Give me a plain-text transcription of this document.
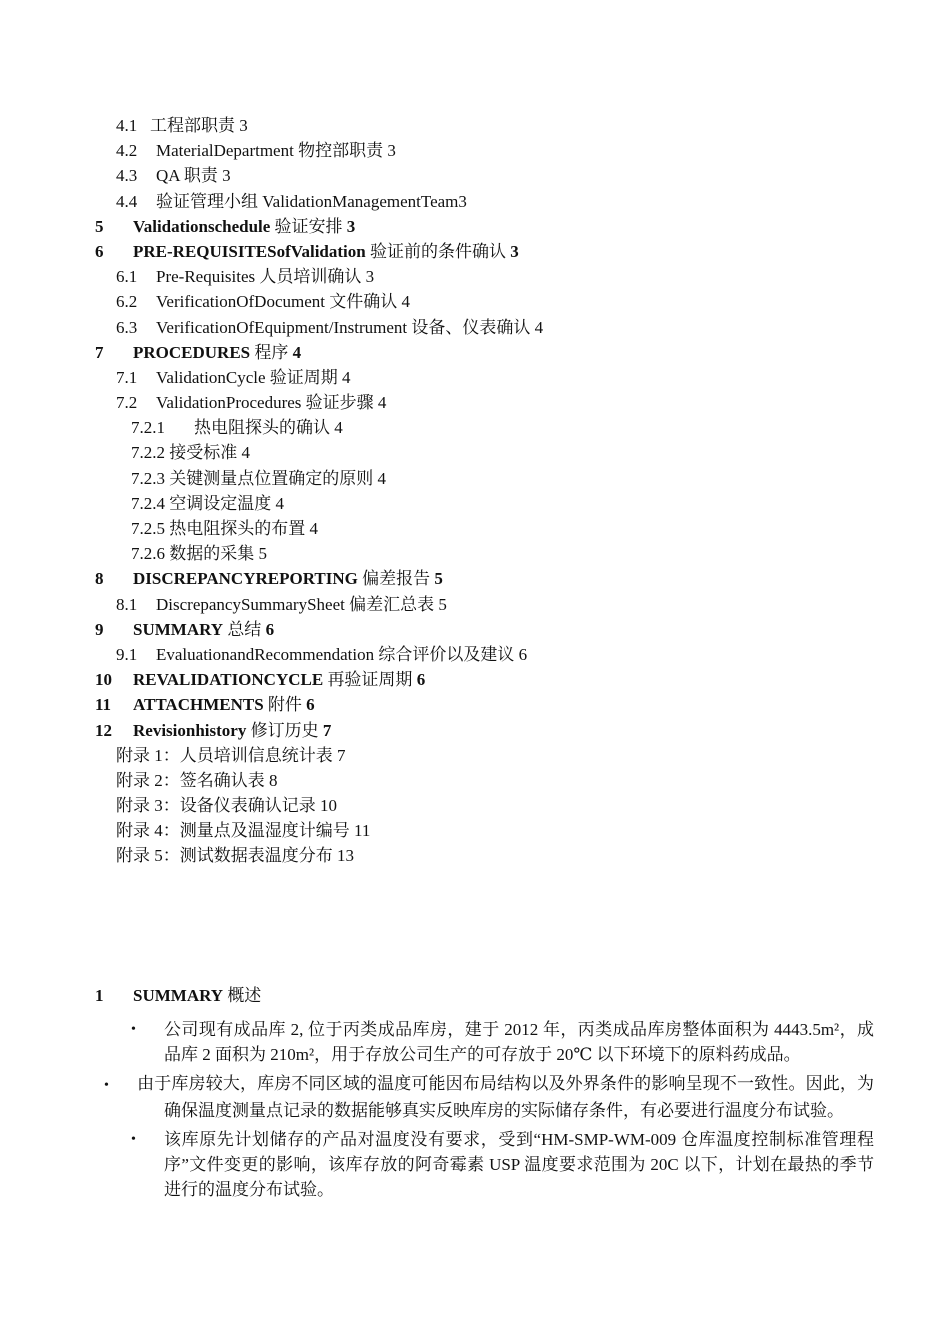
4.1 工程部职责 3
4.2 MaterialDepartment 物控部职责 3
4.3 QA 职责 3
4.4 验证管理小组 ValidationManagementTeam3
5 Validationschedule 验证安排 3
6 PRE-REQUISITESofValidation 验证前的条件确认 3
6.1 Pre-Requisites 人员培训确认 3
6.2 VerificationOfDocument 文件确认 4
6.3 VerificationOfEquipment/Instrument 设备、仪表确认 4
7 PROCEDURES 程序 4
7.1 ValidationCycle 验证周期 4
7.2 ValidationProcedures 验证步骤 4
7.2.1 热电阻探头的确认 4
7.2.2 接受标准 4
7.2.3 关键测量点位置确定的原则 4
7.2.4 空调设定温度 4
7.2.5 热电阻探头的布置 4
7.2.6 数据的采集 5
8 DISCREPANCYREPORTING 偏差报告 5
8.1 DiscrepancySummarySheet 偏差汇总表 5
9 SUMMARY 总结 6
9.1 EvaluationandRecommendation 综合评价以及建议 6
10 REVALIDATIONCYCLE 再验证周期 6
11 ATTACHMENTS 附件 6
12 Revisionhistory 修订历史 7
附录 1：人员培训信息统计表 7
附录 2：签名确认表 8
附录 3：设备仪表确认记录 10
附录 4：测量点及温湿度计编号 11
附录 5：测试数据表温度分布 13
1 SUMMARY 概述
• 公司现有成品库 2, 位于丙类成品库房，建于 2012 年，丙类成品库房整体面积为 4443.5m²，成品库 2 面积为 210m²，用于存放公司生产的可存放于 20℃ 以下环境下的原料药成品。
• 由于库房较大，库房不同区域的温度可能因布局结构以及外界条件的影响呈现不一致性。因此，为确保温度测量点记录的数据能够真实反映库房的实际储存条件，有必要进行温度分布试验。
• 该库原先计划储存的产品对温度没有要求，受到“HM-SMP-WM-009 仓库温度控制标准管理程序”文件变更的影响，该库存放的阿奇霉素 USP 温度要求范围为 20C 以下，计划在最热的季节进行的温度分布试验。
